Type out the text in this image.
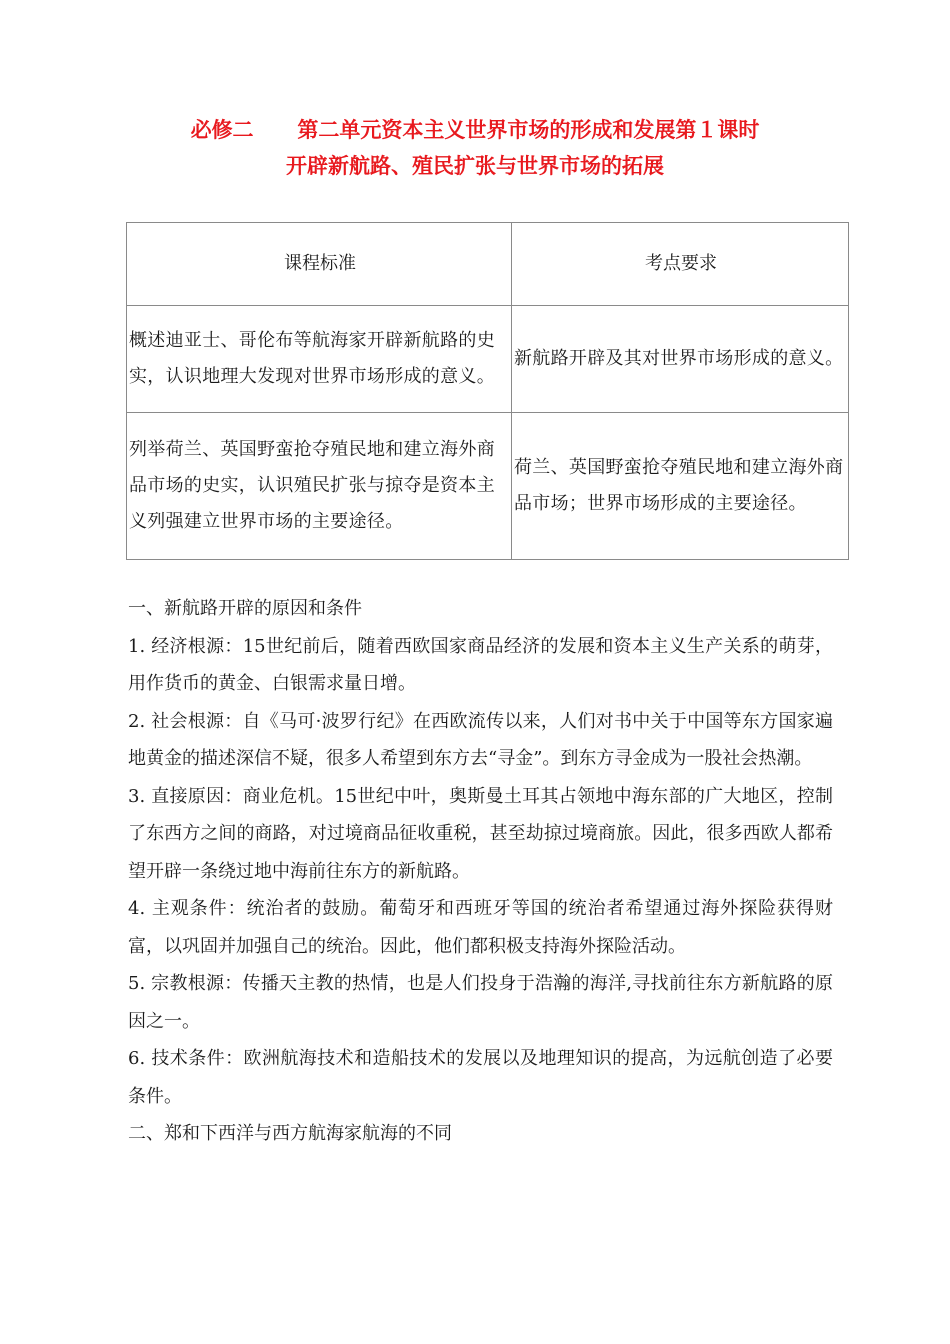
必修二      第二单元资本主义世界市场的形成和发展第１课时
开辟新航路、殖民扩张与世界市场的拓展
课程标准	考点要求

概述迪亚士、哥伦布等航海家开辟新航路的史实，认识地理大发现对世界市场形成的意义。	新航路开辟及其对世界市场形成的意义。

列举荷兰、英国野蛮抢夺殖民地和建立海外商品市场的史实，认识殖民扩张与掠夺是资本主义列强建立世界市场的主要途径。	荷兰、英国野蛮抢夺殖民地和建立海外商品市场；世界市场形成的主要途径。

一、新航路开辟的原因和条件

1. 经济根源：15世纪前后，随着西欧国家商品经济的发展和资本主义生产关系的萌芽，用作货币的黄金、白银需求量日增。

2. 社会根源：自《马可·波罗行纪》在西欧流传以来，人们对书中关于中国等东方国家遍地黄金的描述深信不疑，很多人希望到东方去“寻金”。到东方寻金成为一股社会热潮。

3. 直接原因：商业危机。15世纪中叶，奥斯曼土耳其占领地中海东部的广大地区，控制了东西方之间的商路，对过境商品征收重税，甚至劫掠过境商旅。因此，很多西欧人都希望开辟一条绕过地中海前往东方的新航路。

4. 主观条件：统治者的鼓励。葡萄牙和西班牙等国的统治者希望通过海外探险获得财富，以巩固并加强自己的统治。因此，他们都积极支持海外探险活动。

5. 宗教根源：传播天主教的热情，也是人们投身于浩瀚的海洋,寻找前往东方新航路的原因之一。

6. 技术条件：欧洲航海技术和造船技术的发展以及地理知识的提高，为远航创造了必要条件。

二、郑和下西洋与西方航海家航海的不同
